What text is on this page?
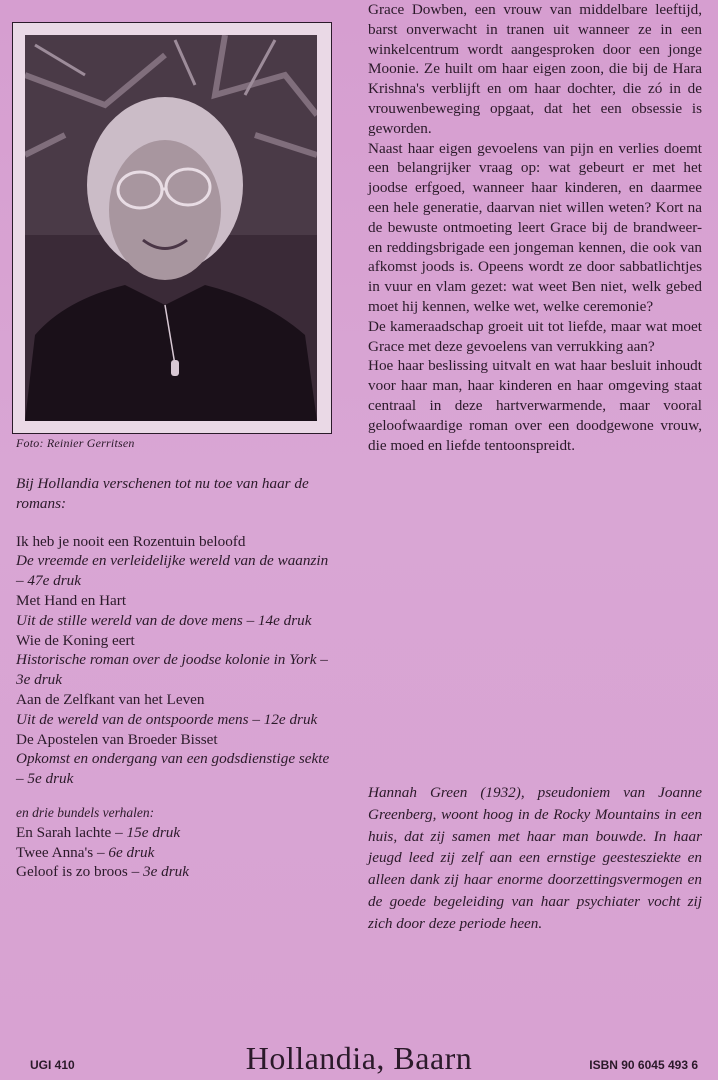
Foto: Reinier Gerritsen

Bij Hollandia verschenen tot nu toe van haar de romans:

Ik heb je nooit een Rozentuin beloofd

De vreemde en verleidelijke wereld van de waanzin – 47e druk

Met Hand en Hart

Uit de stille wereld van de dove mens – 14e druk

Wie de Koning eert

Historische roman over de joodse kolonie in York – 3e druk

Aan de Zelfkant van het Leven

Uit de wereld van de ontspoorde mens – 12e druk

De Apostelen van Broeder Bisset

Opkomst en ondergang van een godsdienstige sekte – 5e druk

en drie bundels verhalen:

En Sarah lachte – 15e druk

Twee Anna's – 6e druk

Geloof is zo broos – 3e druk

Grace Dowben, een vrouw van middelbare leeftijd, barst onverwacht in tranen uit wanneer ze in een winkelcentrum wordt aangesproken door een jonge Moonie. Ze huilt om haar eigen zoon, die bij de Hara Krishna's verblijft en om haar dochter, die zó in de vrouwenbeweging opgaat, dat het een obsessie is geworden.

Naast haar eigen gevoelens van pijn en verlies doemt een belangrijker vraag op: wat gebeurt er met het joodse erfgoed, wanneer haar kinderen, en daarmee een hele generatie, daarvan niet willen weten? Kort na de bewuste ontmoeting leert Grace bij de brandweer- en reddingsbrigade een jongeman kennen, die ook van afkomst joods is. Opeens wordt ze door sabbatlichtjes in vuur en vlam gezet: wat weet Ben niet, welk gebed moet hij kennen, welke wet, welke ceremonie?

De kameraadschap groeit uit tot liefde, maar wat moet Grace met deze gevoelens van verrukking aan?

Hoe haar beslissing uitvalt en wat haar besluit inhoudt voor haar man, haar kinderen en haar omgeving staat centraal in deze hartverwarmende, maar vooral geloofwaardige roman over een doodgewone vrouw, die moed en liefde tentoonspreidt.

Hannah Green (1932), pseudoniem van Joanne Greenberg, woont hoog in de Rocky Mountains in een huis, dat zij samen met haar man bouwde. In haar jeugd leed zij zelf aan een ernstige geestesziekte en alleen dank zij haar enorme doorzettingsvermogen en de goede begeleiding van haar psychiater vocht zij zich door deze periode heen.
UGI 410	Hollandia, Baarn	ISBN 90 6045 493 6
